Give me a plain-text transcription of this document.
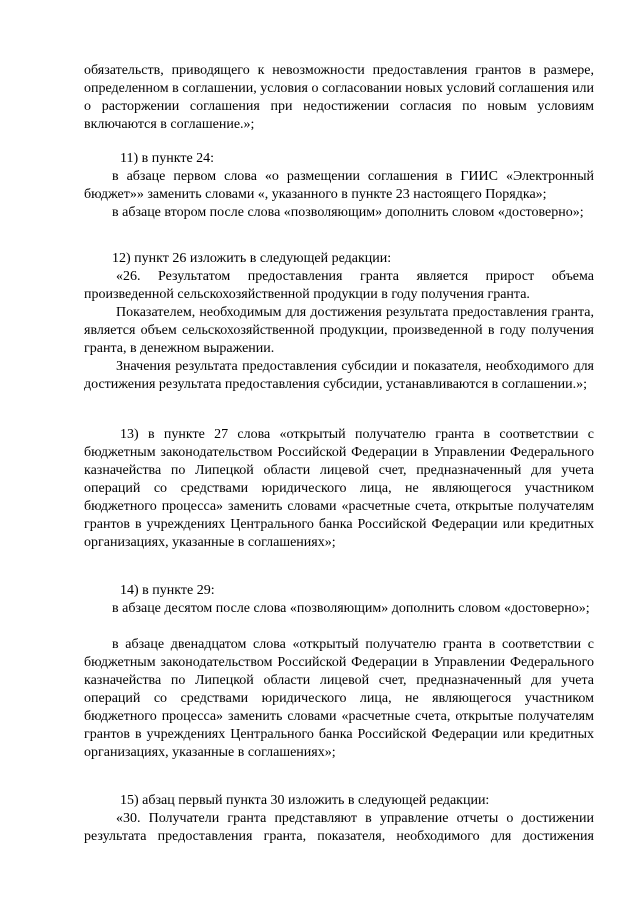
обязательств, приводящего к невозможности предоставления грантов в размере, определенном в соглашении, условия о согласовании новых условий соглашения или о расторжении соглашения при недостижении согласия по новым условиям включаются в соглашение.»;

11) в пункте 24:

в абзаце первом слова «о размещении соглашения в ГИИС «Электронный бюджет»» заменить словами «, указанного в пункте 23 настоящего Порядка»;

в абзаце втором после слова «позволяющим» дополнить словом «достоверно»;

12) пункт 26 изложить в следующей редакции:

«26. Результатом предоставления гранта является прирост объема произведенной сельскохозяйственной продукции в году получения гранта.

Показателем, необходимым для достижения результата предоставления гранта, является объем сельскохозяйственной продукции, произведенной в году получения гранта, в денежном выражении.

Значения результата предоставления субсидии и показателя, необходимого для достижения результата предоставления субсидии, устанавливаются в соглашении.»;

13) в пункте 27 слова «открытый получателю гранта в соответствии с бюджетным законодательством Российской Федерации в Управлении Федерального казначейства по Липецкой области лицевой счет, предназначенный для учета операций со средствами юридического лица, не являющегося участником бюджетного процесса» заменить словами «расчетные счета, открытые получателям грантов в учреждениях Центрального банка Российской Федерации или кредитных организациях, указанные в соглашениях»;

14) в пункте 29:

в абзаце десятом после слова «позволяющим» дополнить словом «достоверно»;

в абзаце двенадцатом слова «открытый получателю гранта в соответствии с бюджетным законодательством Российской Федерации в Управлении Федерального казначейства по Липецкой области лицевой счет, предназначенный для учета операций со средствами юридического лица, не являющегося участником бюджетного процесса» заменить словами «расчетные счета, открытые получателям грантов в учреждениях Центрального банка Российской Федерации или кредитных организациях, указанные в соглашениях»;

15) абзац первый пункта 30 изложить в следующей редакции:

«30. Получатели гранта представляют в управление отчеты о достижении результата предоставления гранта, показателя, необходимого для достижения
